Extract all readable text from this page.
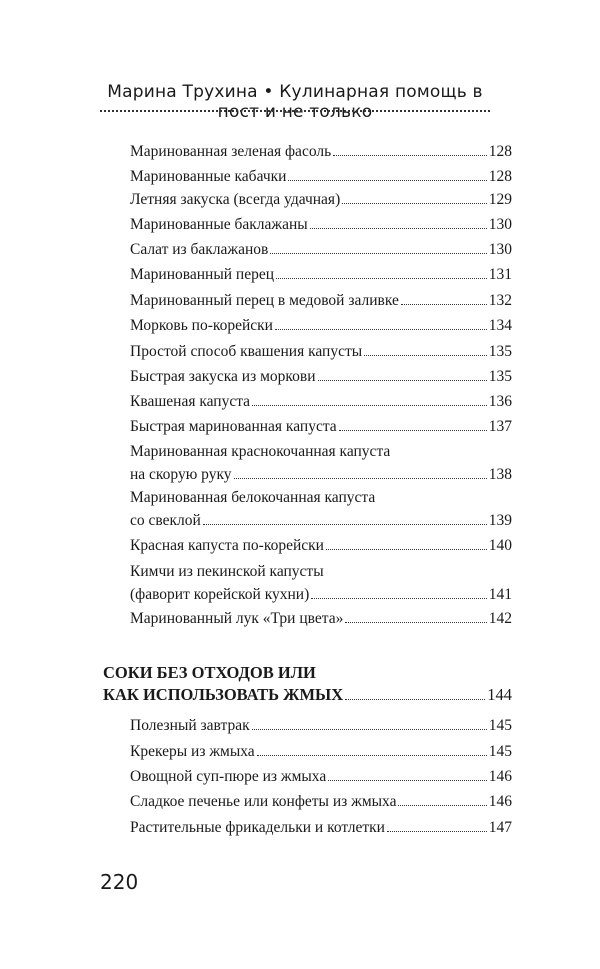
Марина Трухина • Кулинарная помощь в пост и не только
Маринованная зеленая фасоль	128
Маринованные кабачки	128
Летняя закуска (всегда удачная)	129
Маринованные баклажаны	130
Салат из баклажанов	130
Маринованный перец	131
Маринованный перец в медовой заливке	132
Морковь по-корейски	134
Простой способ квашения капусты	135
Быстрая закуска из моркови	135
Квашеная капуста	136
Быстрая маринованная капуста	137
Маринованная краснокочанная капуста
на скорую руку	138
Маринованная белокочанная капуста
со свеклой	139
Красная капуста по-корейски	140
Кимчи из пекинской капусты
(фаворит корейской кухни)	141
Маринованный лук «Три цвета»	142
СОКИ БЕЗ ОТХОДОВ ИЛИ
КАК ИСПОЛЬЗОВАТЬ ЖМЫХ	144
Полезный завтрак	145
Крекеры из жмыха	145
Овощной суп-пюре из жмыха	146
Сладкое печенье или конфеты из жмыха	146
Растительные фрикадельки и котлетки	147
220
